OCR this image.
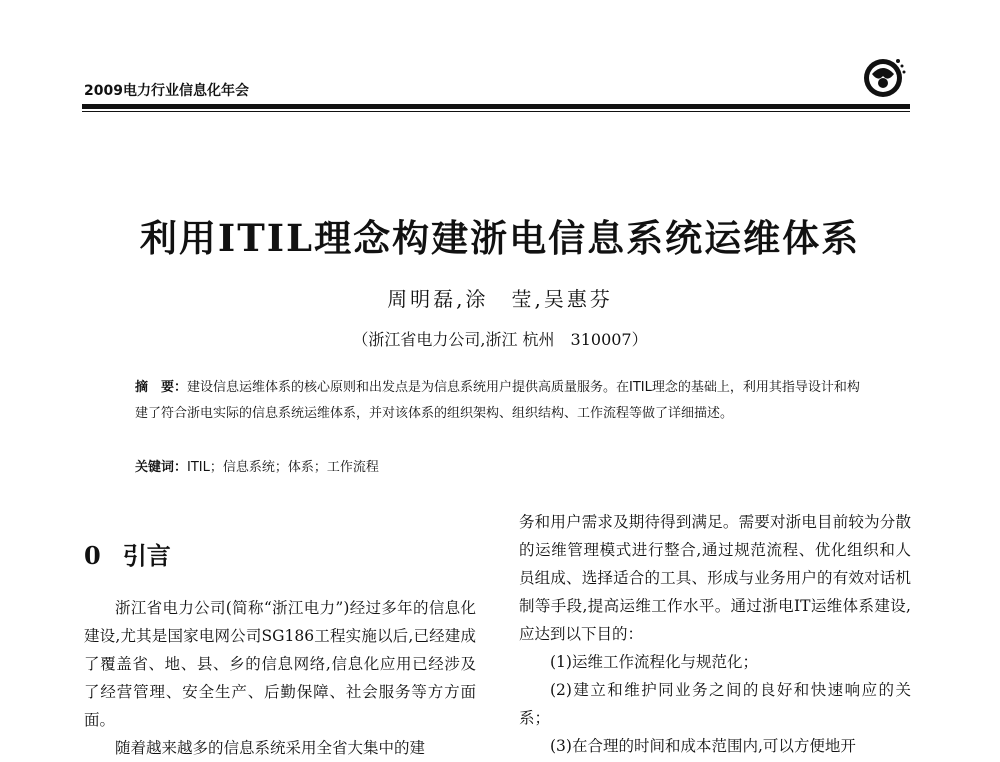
2009电力行业信息化年会
利用ITIL理念构建浙电信息系统运维体系
周明磊,涂　莹,吴惠芬
（浙江省电力公司,浙江 杭州　310007）
摘　要：建设信息运维体系的核心原则和出发点是为信息系统用户提供高质量服务。在ITIL理念的基础上，利用其指导设计和构建了符合浙电实际的信息系统运维体系，并对该体系的组织架构、组织结构、工作流程等做了详细描述。
关键词：ITIL；信息系统；体系；工作流程
0 引言

浙江省电力公司(简称“浙江电力”)经过多年的信息化建设,尤其是国家电网公司SG186工程实施以后,已经建成了覆盖省、地、县、乡的信息网络,信息化应用已经涉及了经营管理、安全生产、后勤保障、社会服务等方方面面。

随着越来越多的信息系统采用全省大集中的建

务和用户需求及期待得到满足。需要对浙电目前较为分散的运维管理模式进行整合,通过规范流程、优化组织和人员组成、选择适合的工具、形成与业务用户的有效对话机制等手段,提高运维工作水平。通过浙电IT运维体系建设,应达到以下目的：

(1)运维工作流程化与规范化；

(2)建立和维护同业务之间的良好和快速响应的关系；

(3)在合理的时间和成本范围内,可以方便地开
